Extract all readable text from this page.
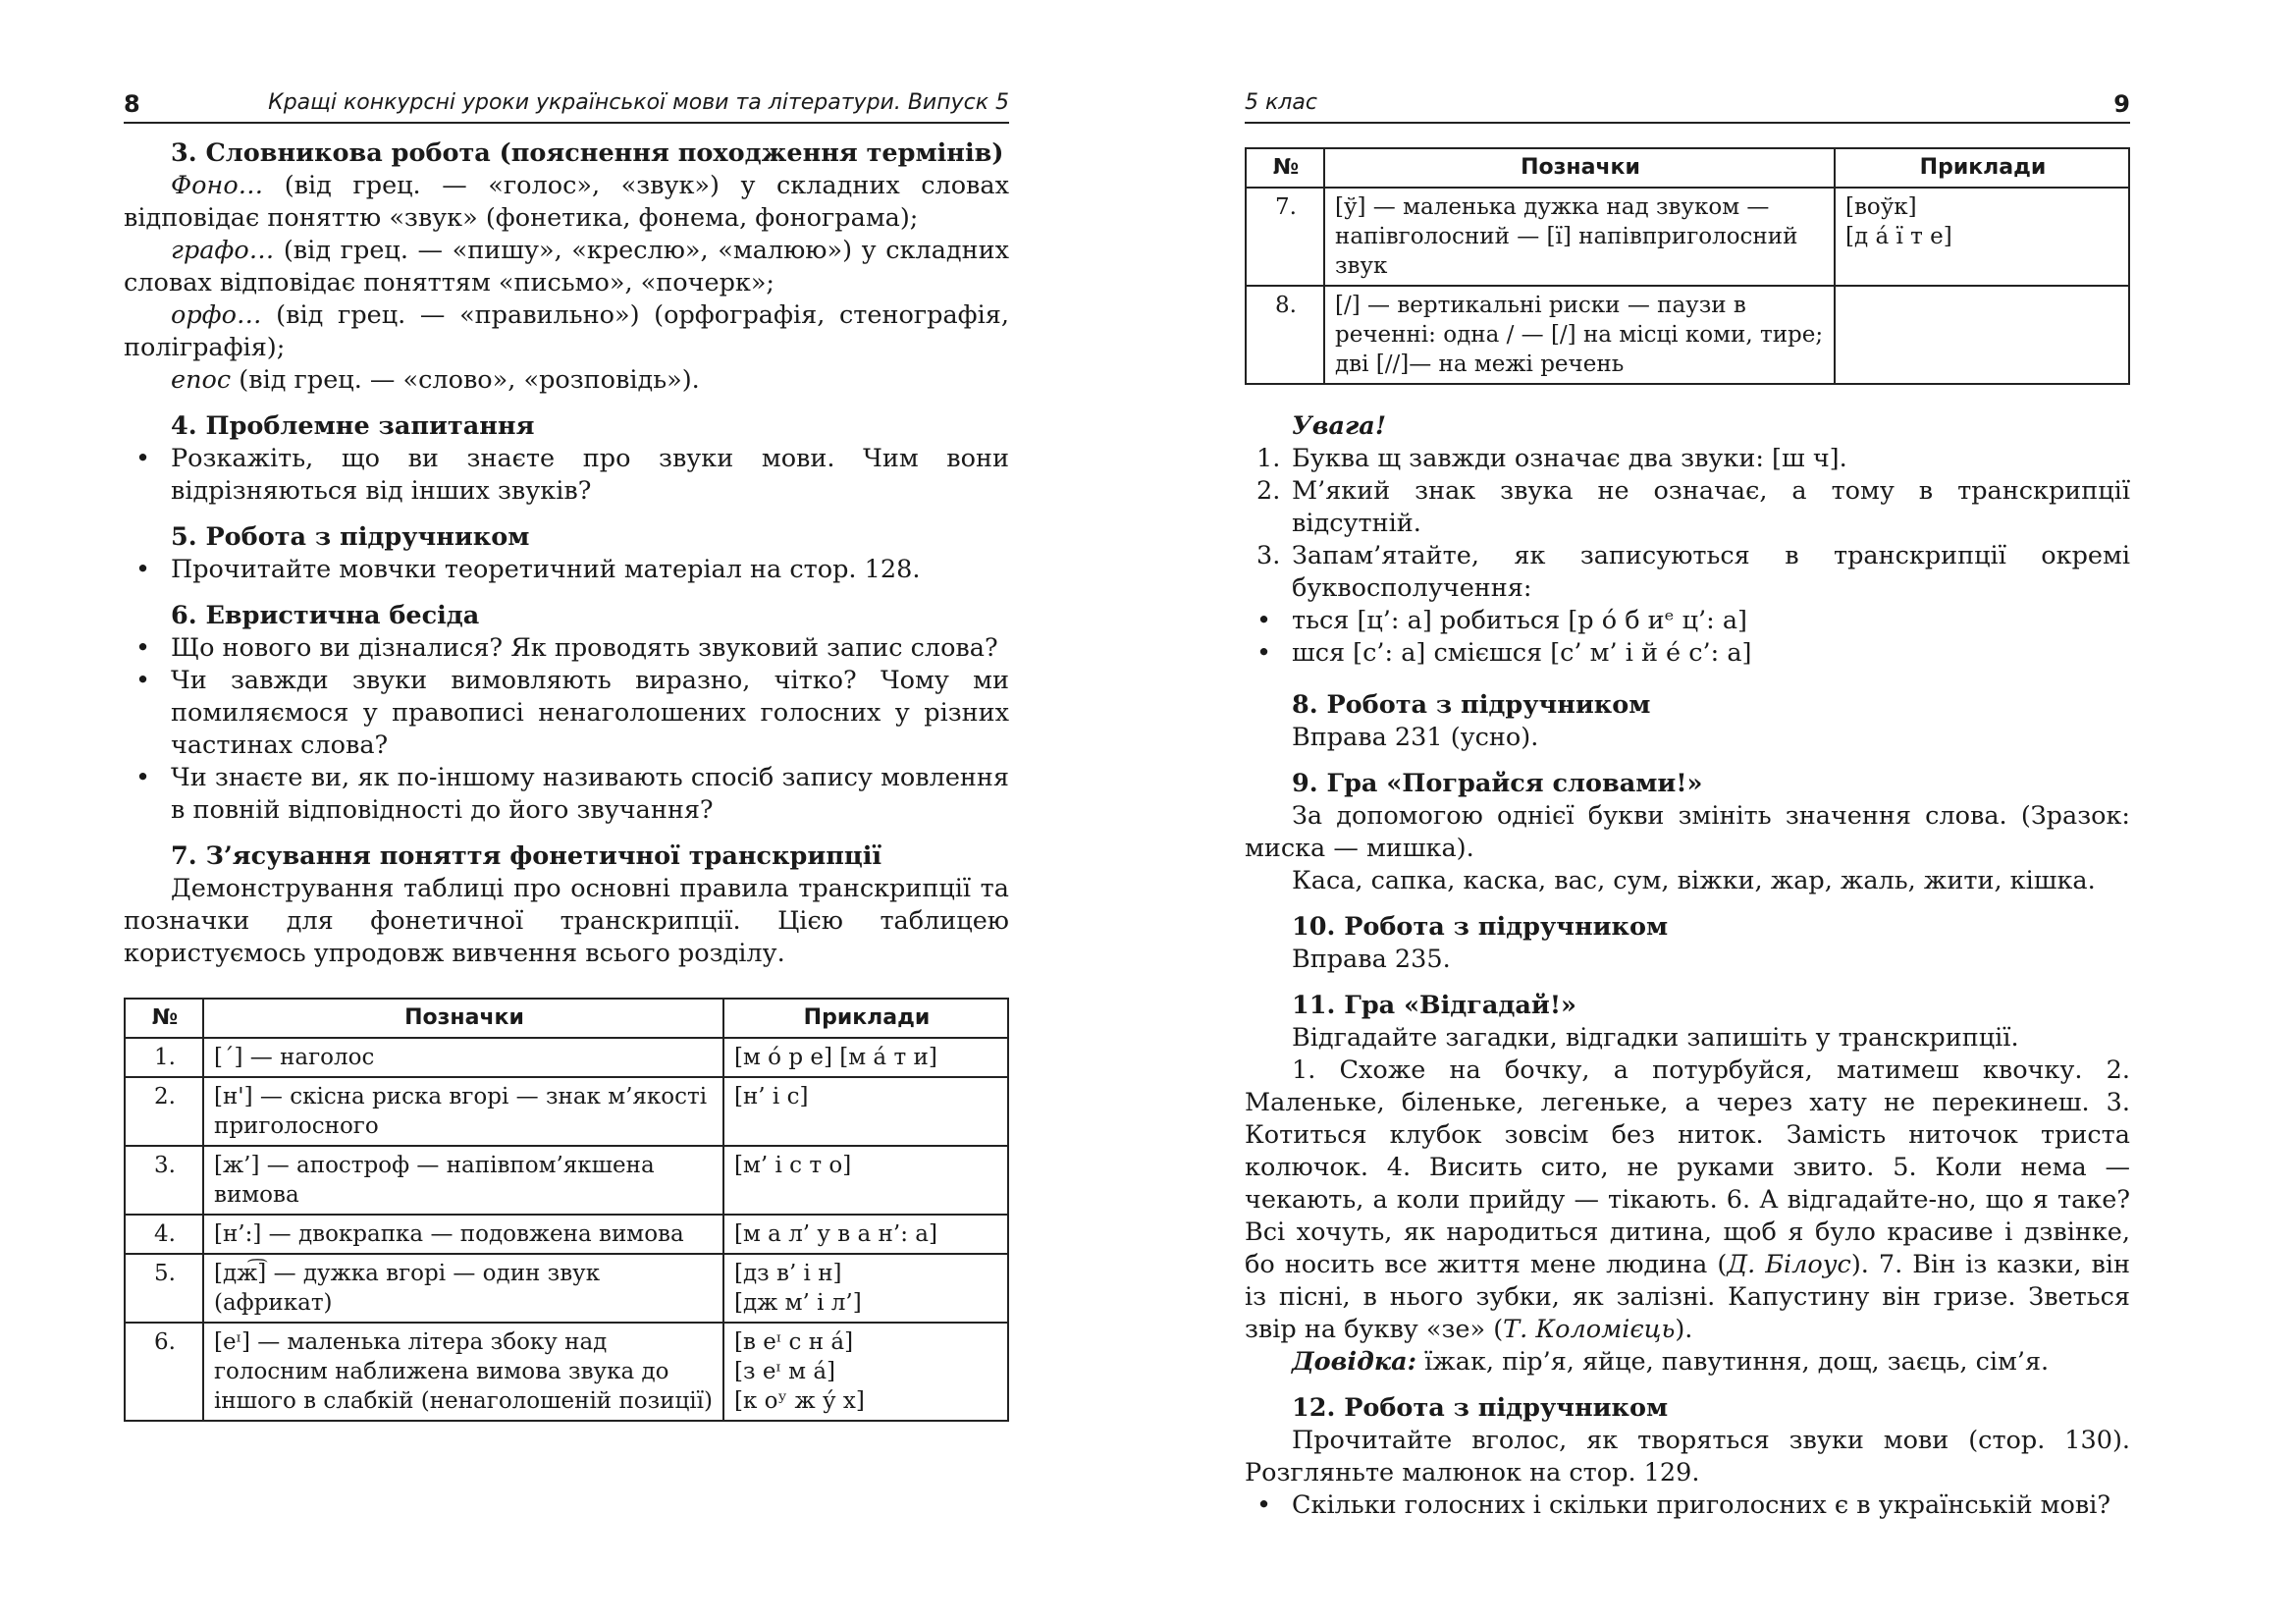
8	Кращі конкурсні уроки української мови та літератури. Випуск 5
3. Словникова робота (пояснення походження термінів)

Фоно… (від грец. — «голос», «звук») у складних словах відповідає поняттю «звук» (фонетика, фонема, фонограма);

графо… (від грец. — «пишу», «креслю», «малюю») у складних словах відповідає поняттям «письмо», «почерк»;

орфо… (від грец. — «правильно») (орфографія, стенографія, поліграфія);

епос (від грец. — «слово», «розповідь»).

4. Проблемне запитання
• Розкажіть, що ви знаєте про звуки мови. Чим вони відрізняються від інших звуків?
5. Робота з підручником
• Прочитайте мовчки теоретичний матеріал на стор. 128.
6. Евристична бесіда
• Що нового ви дізналися? Як проводять звуковий запис слова?
• Чи завжди звуки вимовляють виразно, чітко? Чому ми помиляємося у правописі ненаголошених голосних у різних частинах слова?
• Чи знаєте ви, як по-іншому називають спосіб запису мовлення в повній відповідності до його звучання?
7. З’ясування поняття фонетичної транскрипції

Демонстрування таблиці про основні правила транскрипції та позначки для фонетичної транскрипції. Цією таблицею користуємось упродовж вивчення всього розділу.

№	Позначки	Приклади
1.	[´] — наголос	[м о́ р е] [м а́ т и]
2.	[н'] — скісна риска вгорі — знак м’якості приголосного	[н’ і с]
3.	[ж’] — апостроф — напівпом’якшена вимова	[м’ і с т о]
4.	[н’:] — двокрапка — подовжена вимова	[м а л’ у в а н’: а]
5.	[дж͡] — дужка вгорі — один звук (африкат)	[дз в’ і н]
[дж м’ і л’]
6.	[еᶦ] — маленька літера збоку над голосним наближена вимова звука до іншого в слабкій (ненаголошеній позиції)	[в еᶦ с н а́]
[з еᶦ м а́]
[к оʸ ж у́ х]
5 клас	9
№	Позначки	Приклади
7.	[ў] — маленька дужка над звуком — напівголосний — [ї] напівприголосний звук	[воўк]
[д а́ ї т е]
8.	[/] — вертикальні риски — паузи в реченні: одна / — [/] на місці коми, тире; дві [//]— на межі речень	
Увага!
1. Буква щ завжди означає два звуки: [ш ч].
2. М’який знак звука не означає, а тому в транскрипції відсутній.
3. Запам’ятайте, як записуються в транскрипції окремі буквосполучення:
• ться [ц’: а] робиться [р о́ б иᵉ ц’: а]
• шся [с’: а] смієшся [с’ м’ і й е́ с’: а]
8. Робота з підручником

Вправа 231 (усно).

9. Гра «Пограйся словами!»

За допомогою однієї букви змініть значення слова. (Зразок: миска — мишка).

Каса, сапка, каска, вас, сум, віжки, жар, жаль, жити, кішка.

10. Робота з підручником

Вправа 235.

11. Гра «Відгадай!»

Відгадайте загадки, відгадки запишіть у транскрипції.

1. Схоже на бочку, а потурбуйся, матимеш квочку. 2. Маленьке, біленьке, легеньке, а через хату не перекинеш. 3. Котиться клубок зовсім без ниток. Замість ниточок триста колючок. 4. Висить сито, не руками звито. 5. Коли нема — чекають, а коли прийду — тікають. 6. А відгадайте-но, що я таке? Всі хочуть, як народиться дитина, щоб я було красиве і дзвінке, бо носить все життя мене людина (Д. Білоус). 7. Він із казки, він із пісні, в нього зубки, як залізні. Капустину він гризе. Зветься звір на букву «зе» (Т. Коломієць).

Довідка: їжак, пір’я, яйце, павутиння, дощ, заєць, сім’я.

12. Робота з підручником

Прочитайте вголос, як творяться звуки мови (стор. 130). Розгляньте малюнок на стор. 129.

• Скільки голосних і скільки приголосних є в українській мові?
